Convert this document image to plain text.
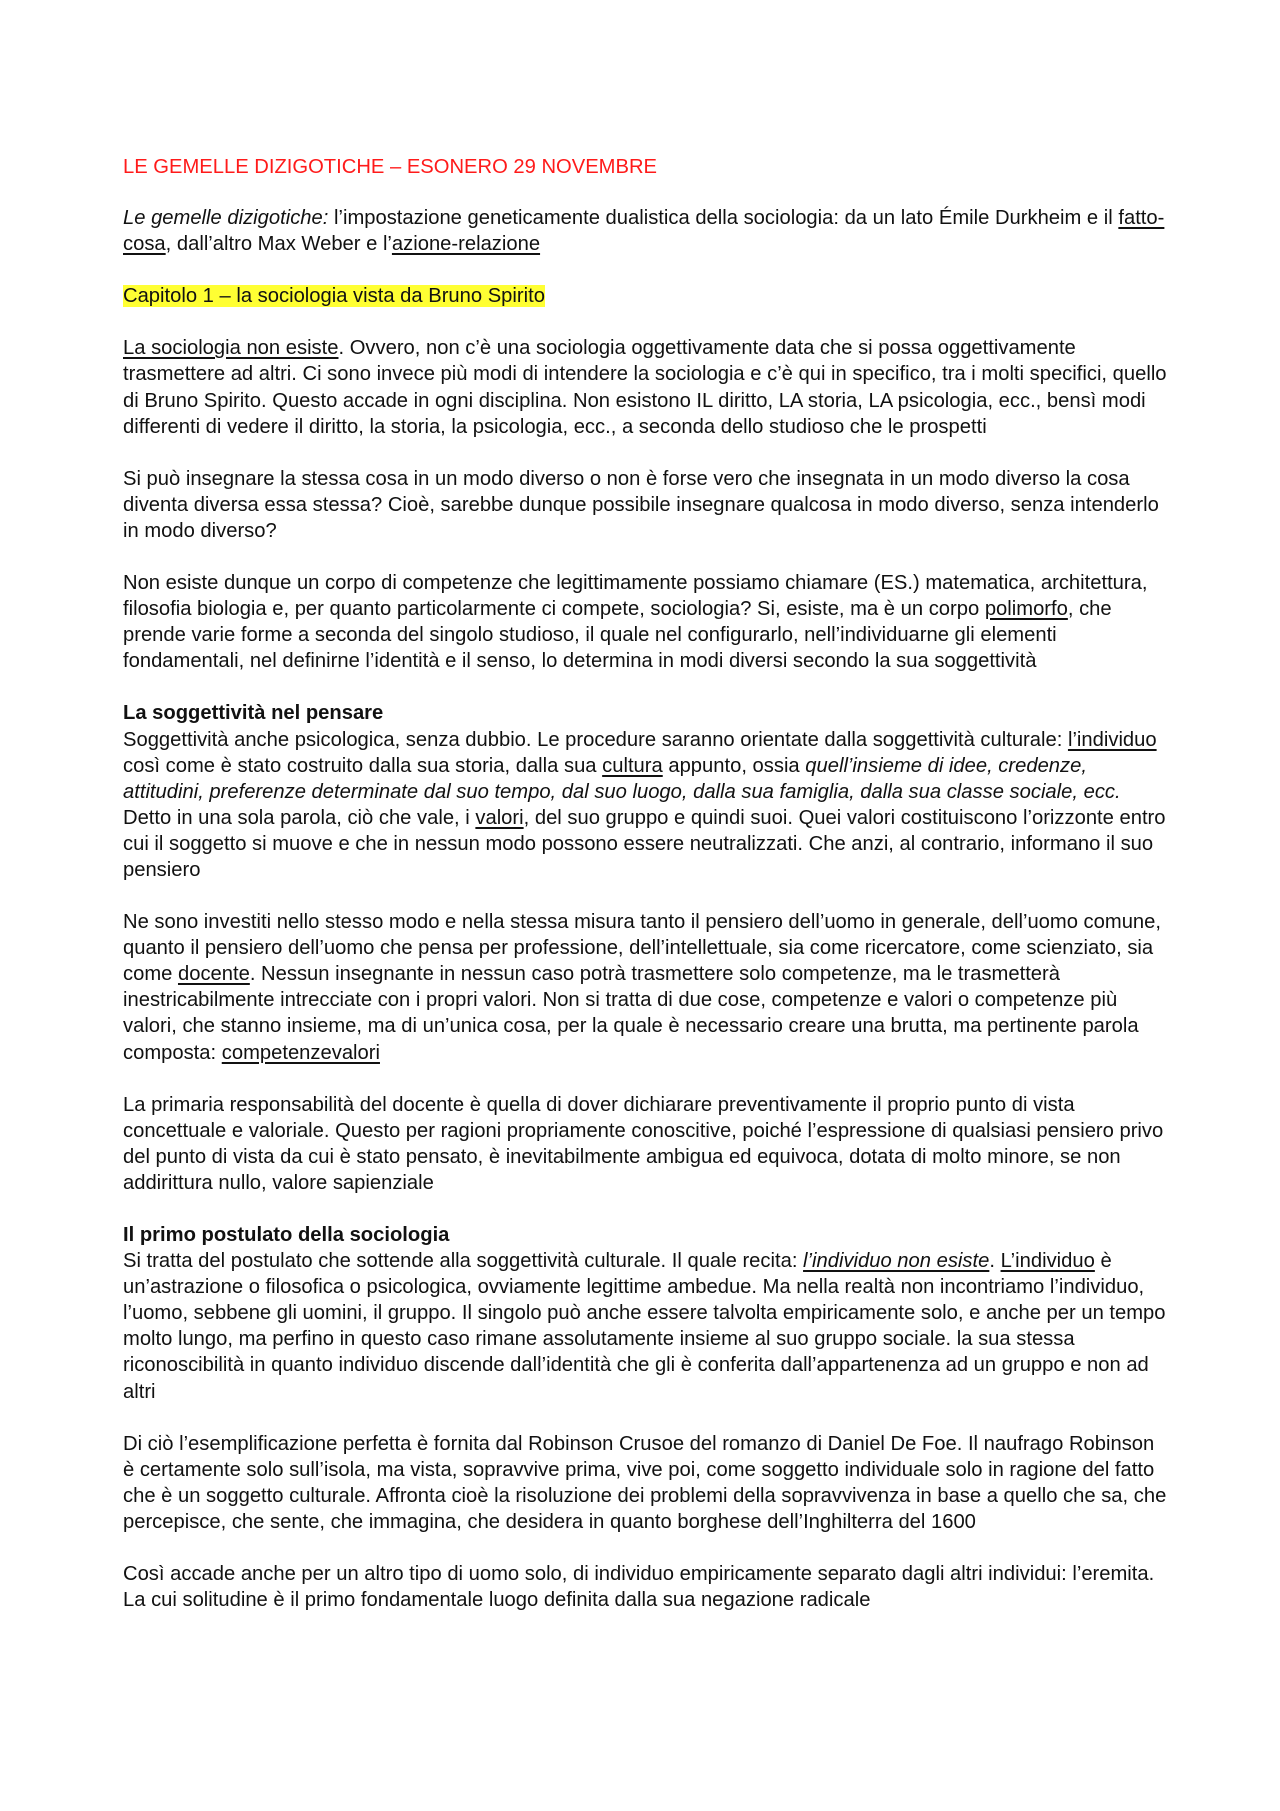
LE GEMELLE DIZIGOTICHE – ESONERO 29 NOVEMBRE

Le gemelle dizigotiche: l’impostazione geneticamente dualistica della sociologia: da un lato Émile Durkheim e il fatto-cosa, dall’altro Max Weber e l’azione-relazione

Capitolo 1 – la sociologia vista da Bruno Spirito

La sociologia non esiste. Ovvero, non c’è una sociologia oggettivamente data che si possa oggettivamente trasmettere ad altri. Ci sono invece più modi di intendere la sociologia e c’è qui in specifico, tra i molti specifici, quello di Bruno Spirito. Questo accade in ogni disciplina. Non esistono IL diritto, LA storia, LA psicologia, ecc., bensì modi differenti di vedere il diritto, la storia, la psicologia, ecc., a seconda dello studioso che le prospetti

Si può insegnare la stessa cosa in un modo diverso o non è forse vero che insegnata in un modo diverso la cosa diventa diversa essa stessa? Cioè, sarebbe dunque possibile insegnare qualcosa in modo diverso, senza intenderlo in modo diverso?

Non esiste dunque un corpo di competenze che legittimamente possiamo chiamare (ES.) matematica, architettura, filosofia biologia e, per quanto particolarmente ci compete, sociologia? Si, esiste, ma è un corpo polimorfo, che prende varie forme a seconda del singolo studioso, il quale nel configurarlo, nell’individuarne gli elementi fondamentali, nel definirne l’identità e il senso, lo determina in modi diversi secondo la sua soggettività

La soggettività nel pensare

Soggettività anche psicologica, senza dubbio. Le procedure saranno orientate dalla soggettività culturale: l’individuo così come è stato costruito dalla sua storia, dalla sua cultura appunto, ossia quell’insieme di idee, credenze, attitudini, preferenze determinate dal suo tempo, dal suo luogo, dalla sua famiglia, dalla sua classe sociale, ecc. Detto in una sola parola, ciò che vale, i valori, del suo gruppo e quindi suoi. Quei valori costituiscono l’orizzonte entro cui il soggetto si muove e che in nessun modo possono essere neutralizzati. Che anzi, al contrario, informano il suo pensiero

Ne sono investiti nello stesso modo e nella stessa misura tanto il pensiero dell’uomo in generale, dell’uomo comune, quanto il pensiero dell’uomo che pensa per professione, dell’intellettuale, sia come ricercatore, come scienziato, sia come docente. Nessun insegnante in nessun caso potrà trasmettere solo competenze, ma le trasmetterà inestricabilmente intrecciate con i propri valori. Non si tratta di due cose, competenze e valori o competenze più valori, che stanno insieme, ma di un’unica cosa, per la quale è necessario creare una brutta, ma pertinente parola composta: competenzevalori

La primaria responsabilità del docente è quella di dover dichiarare preventivamente il proprio punto di vista concettuale e valoriale. Questo per ragioni propriamente conoscitive, poiché l’espressione di qualsiasi pensiero privo del punto di vista da cui è stato pensato, è inevitabilmente ambigua ed equivoca, dotata di molto minore, se non addirittura nullo, valore sapienziale

Il primo postulato della sociologia

Si tratta del postulato che sottende alla soggettività culturale. Il quale recita: l’individuo non esiste. L’individuo è un’astrazione o filosofica o psicologica, ovviamente legittime ambedue. Ma nella realtà non incontriamo l’individuo, l’uomo, sebbene gli uomini, il gruppo. Il singolo può anche essere talvolta empiricamente solo, e anche per un tempo molto lungo, ma perfino in questo caso rimane assolutamente insieme al suo gruppo sociale. la sua stessa riconoscibilità in quanto individuo discende dall’identità che gli è conferita dall’appartenenza ad un gruppo e non ad altri

Di ciò l’esemplificazione perfetta è fornita dal Robinson Crusoe del romanzo di Daniel De Foe. Il naufrago Robinson è certamente solo sull’isola, ma vista, sopravvive prima, vive poi, come soggetto individuale solo in ragione del fatto che è un soggetto culturale. Affronta cioè la risoluzione dei problemi della sopravvivenza in base a quello che sa, che percepisce, che sente, che immagina, che desidera in quanto borghese dell’Inghilterra del 1600

Così accade anche per un altro tipo di uomo solo, di individuo empiricamente separato dagli altri individui: l’eremita. La cui solitudine è il primo fondamentale luogo definita dalla sua negazione radicale
